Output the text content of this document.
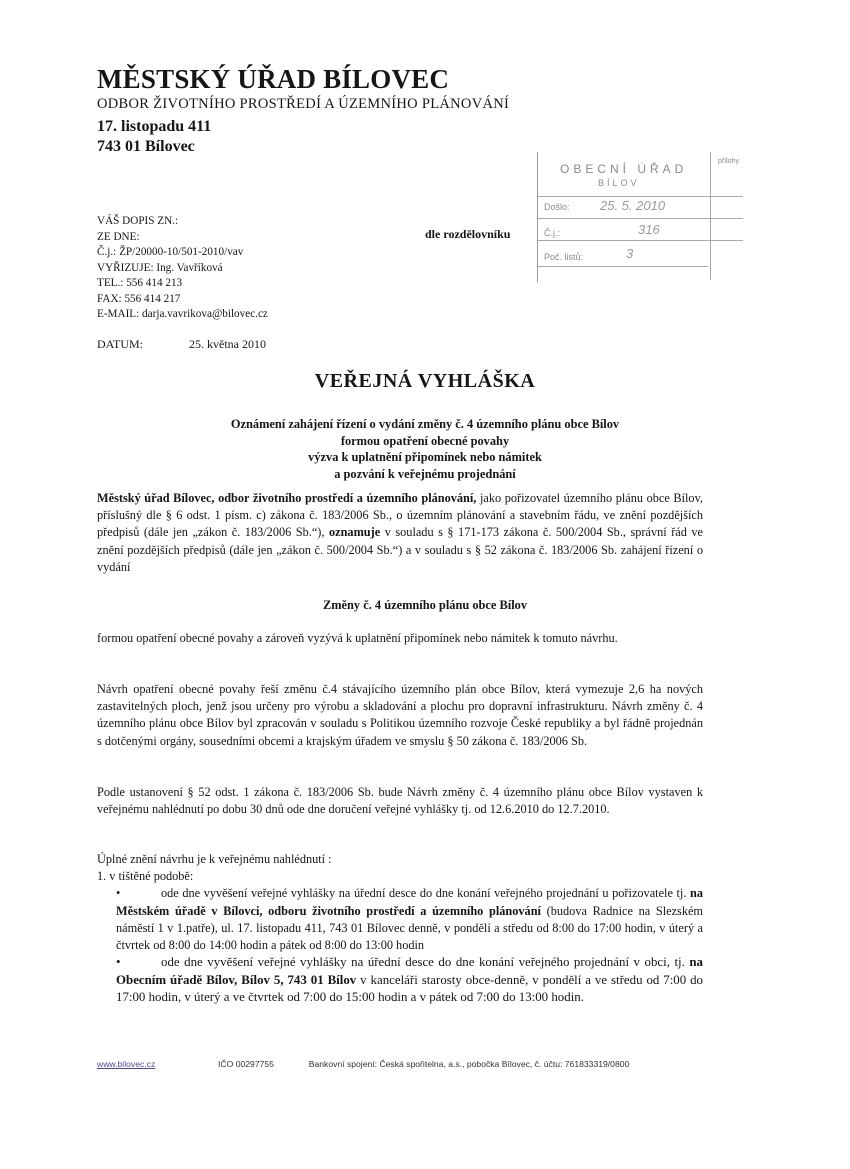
MĚSTSKÝ ÚŘAD BÍLOVEC
ODBOR ŽIVOTNÍHO PROSTŘEDÍ A ÚZEMNÍHO PLÁNOVÁNÍ
17. listopadu 411
743 01 Bílovec
OBECNÍ ÚŘAD
BÍLOV
přílohy
Došlo: 25. 5. 2010
Č.j.:	316
Poč. listů:	3
VÁŠ DOPIS ZN.:
ZE DNE:
Č.j.: ŽP/20000-10/501-2010/vav
VYŘIZUJE: Ing. Vavříková
TEL.: 556 414 213
FAX: 556 414 217
E-MAIL: darja.vavrikova@bilovec.cz
dle rozdělovníku
DATUM:	25. května 2010
VEŘEJNÁ VYHLÁŠKA
Oznámení zahájení řízení o vydání změny č. 4 územního plánu obce Bílov
formou opatření obecné povahy
výzva k uplatnění připomínek nebo námitek
a pozvání k veřejnému projednání
Městský úřad Bílovec, odbor životního prostředí a územního plánování, jako pořizovatel územního plánu obce Bílov, příslušný dle § 6 odst. 1 písm. c) zákona č. 183/2006 Sb., o územním plánování a stavebním řádu, ve znění pozdějších předpisů (dále jen „zákon č. 183/2006 Sb.“), oznamuje v souladu s § 171-173 zákona č. 500/2004 Sb., správní řád ve znění pozdějších předpisů (dále jen „zákon č. 500/2004 Sb.“) a v souladu s § 52 zákona č. 183/2006 Sb. zahájení řízení o vydání
Změny č. 4 územního plánu obce Bílov
formou opatření obecné povahy a zároveň vyzývá k uplatnění připomínek nebo námitek k tomuto návrhu.
Návrh opatření obecné povahy řeší změnu č.4 stávajícího územního plán obce Bílov, která vymezuje 2,6 ha nových zastavitelných ploch, jenž jsou určeny pro výrobu a skladování a plochu pro dopravní infrastrukturu. Návrh změny č. 4 územního plánu obce Bílov byl zpracován v souladu s Politikou územního rozvoje České republiky a byl řádně projednán s dotčenými orgány, sousedními obcemi a krajským úřadem ve smyslu § 50 zákona č. 183/2006 Sb.
Podle ustanovení § 52 odst. 1 zákona č. 183/2006 Sb. bude Návrh změny č. 4 územního plánu obce Bílov vystaven k veřejnému nahlédnutí po dobu 30 dnů ode dne doručení veřejné vyhlášky tj. od 12.6.2010 do 12.7.2010.
Úplné znění návrhu je k veřejnému nahlédnutí :
1. v tištěné podobě:
•	ode dne vyvěšení veřejné vyhlášky na úřední desce do dne konání veřejného projednání u pořizovatele tj. na Městském úřadě v Bílovci, odboru životního prostředí a územního plánování (budova Radnice na Slezském náměstí 1 v 1.patře), ul. 17. listopadu 411, 743 01 Bílovec denně, v pondělí a středu od 8:00 do 17:00 hodin, v úterý a čtvrtek od 8:00 do 14:00 hodin a pátek od 8:00 do 13:00 hodin
•	ode dne vyvěšení veřejné vyhlášky na úřední desce do dne konání veřejného projednání v obci, tj. na Obecním úřadě Bílov, Bílov 5, 743 01 Bílov v kanceláři starosty obce-denně, v pondělí a ve středu od 7:00 do 17:00 hodin, v úterý a ve čtvrtek od 7:00 do 15:00 hodin a v pátek od 7:00 do 13:00 hodin.
www.bilovec.cz	IČO 00297755	Bankovní spojení: Česká spořitelna, a.s., pobočka Bílovec, č. účtu: 761833319/0800
